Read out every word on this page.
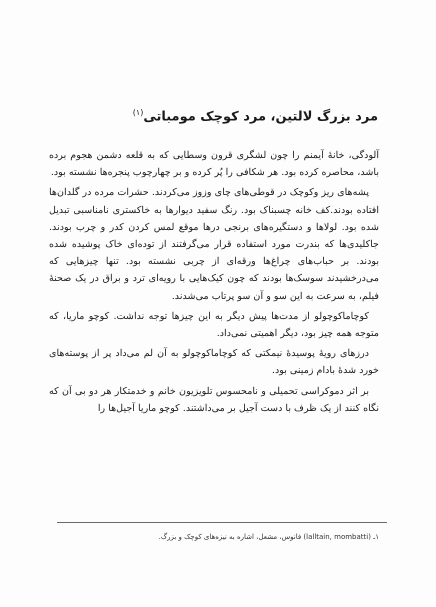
مرد بزرگ لالتین، مرد کوچک مومباتی$^{(۱)}$

آلودگی، خانهٔ آیمنم را چون لشگری قرون وسطایی که به قلعه دشمن هجوم برده باشد، محاصره کرده بود. هر شکافی را پُر کرده و بر چهارچوب پنجره‌ها نشسته بود.

پشه‌های ریز وکوچک در قوطی‌های چای وزوز می‌کردند. حشرات مرده در گلدان‌ها افتاده بودند.کف خانه چسبناک بود. رنگ سفید دیوارها به خاکستری نامناسبی تبدیل شده بود. لولاها و دستگیره‌های برنجی درها موقع لمس کردن کدر و چرب بودند. جاکلیدی‌ها که بندرت مورد استفاده قرار می‌گرفتند از توده‌ای خاک پوشیده شده بودند. بر حباب‌های چراغ‌ها ورقه‌ای از چربی نشسته بود. تنها چیزهایی که می‌درخشیدند سوسک‌ها بودند که چون کیک‌هایی با رویه‌ای ترد و براق در یک صحنهٔ فیلم، به سرعت به این سو و آن سو پرتاب می‌شدند.

کوچاماکوچولو از مدت‌ها پیش دیگر به این چیزها توجه نداشت. کوچو ماریا، که متوجه همه چیز بود، دیگر اهمیتی نمی‌داد.

درزهای رویهٔ پوسیدهٔ نیمکتی که کوچاماکوچولو به آن لم می‌داد پر از پوسته‌های خورد شدهٔ بادام زمینی بود.

بر اثر دموکراسی تحمیلی و نامحسوس تلویزیون خانم و خدمتکار هر دو بی آن که نگاه کنند از یک ظرف با دست آجیل بر می‌داشتند. کوچو ماریا آجیل‌ها را

۱ـ (lalltain, mombatti) فانوس، مشعل، اشاره به نیزه‌های کوچک و بزرگ.
